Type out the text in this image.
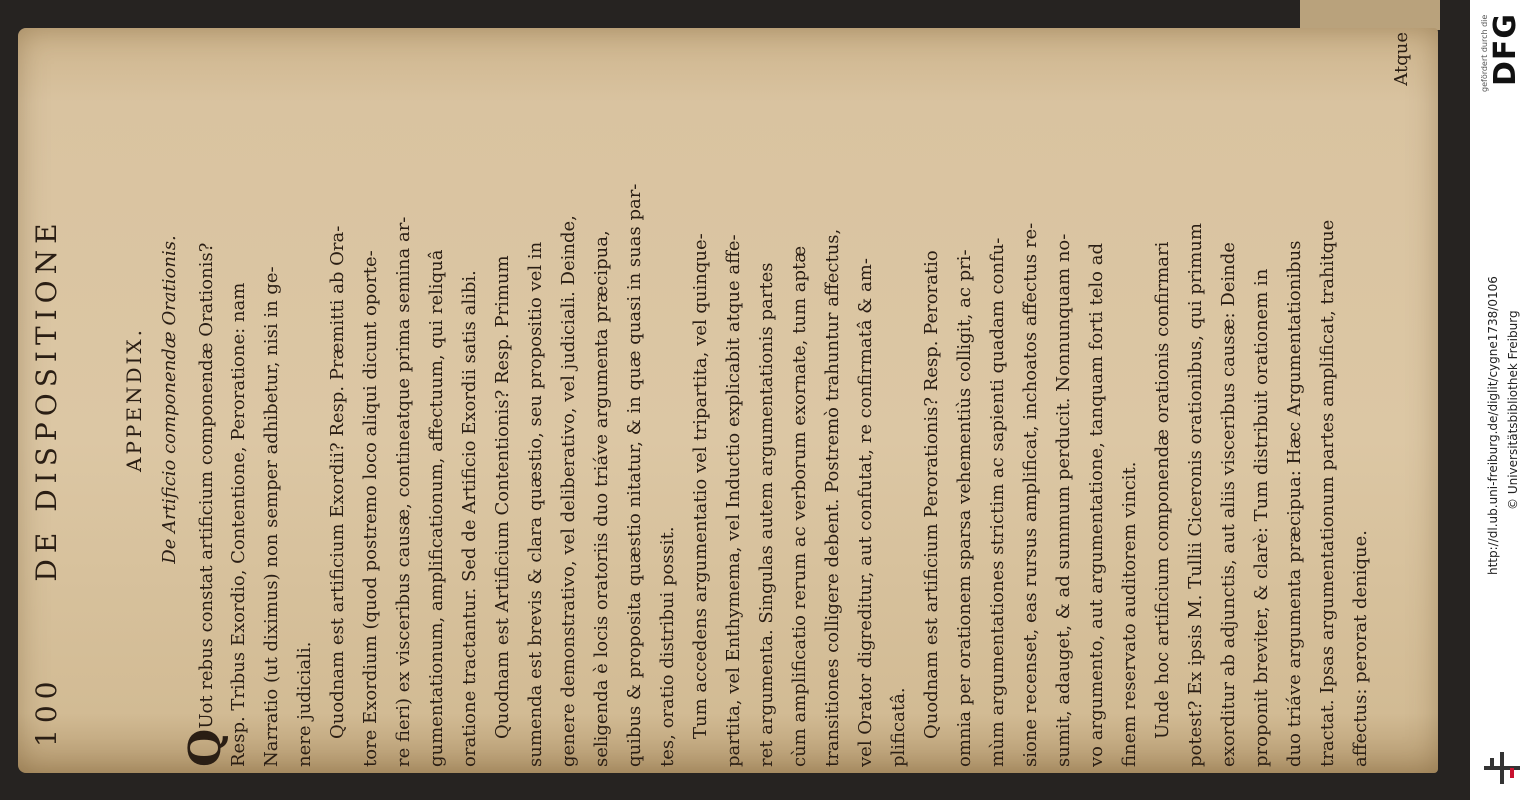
100
DE DISPOSITIONE	APPENDIX. De Artificio componendæ Orationis.
QUot rebus constat artificium componendæ Orationis? Resp. Tribus Exordio, Contentione, Peroratione: nam Narratio (ut diximus) non semper adhibetur, nisi in ge- nere judiciali. Quodnam est artificium Exordii? Resp. Præmitti ab Ora- tore Exordium (quod postremo loco aliqui dicunt oporte- re fieri) ex visceribus causæ, contineatque prima semina ar- gumentationum, amplificationum, affectuum, qui reliquâ oratione tractantur. Sed de Artificio Exordii satis alibi. Quodnam est Artificium Contentionis? Resp. Primum sumenda est brevis & clara quæstio, seu propositio vel in genere demonstrativo, vel deliberativo, vel judiciali. Deinde, seligenda è locis oratoriis duo triáve argumenta præcipua, quibus & proposita quæstio nitatur, & in quæ quasi in suas par- tes, oratio distribui possit. Tum accedens argumentatio vel tripartita, vel quinque- partita, vel Enthymema, vel Inductio explicabit atque affe- ret argumenta. Singulas autem argumentationis partes cùm amplificatio rerum ac verborum exornate, tum aptæ transitiones colligere debent. Postremò trahuntur affectus, vel Orator digreditur, aut confutat, re confirmatâ & am- plificatâ. Quodnam est artificium Perorationis? Resp. Peroratio omnia per orationem sparsa vehementiùs colligit, ac pri- mùm argumentationes strictim ac sapienti quadam confu- sione recenset, eas rursus amplificat, inchoatos affectus re- sumit, adauget, & ad summum perducit. Nonnunquam no- vo argumento, aut argumentatione, tanquam forti telo ad finem reservato auditorem vincit. Unde hoc artificium componendæ orationis confirmari potest? Ex ipsis M. Tullii Ciceronis orationibus, qui primum exorditur ab adjunctis, aut aliis visceribus causæ: Deinde proponit breviter, & clarè: Tum distribuit orationem in duo triáve argumenta præcipua: Hæc Argumentationibus tractat. Ipsas argumentationum partes amplificat, trahitque affectus: perorat denique.
Atque	gefördert durch die DFG
http://dl.ub.uni-freiburg.de/diglit/cygne1738/0106 © Universitätsbibliothek Freiburg
